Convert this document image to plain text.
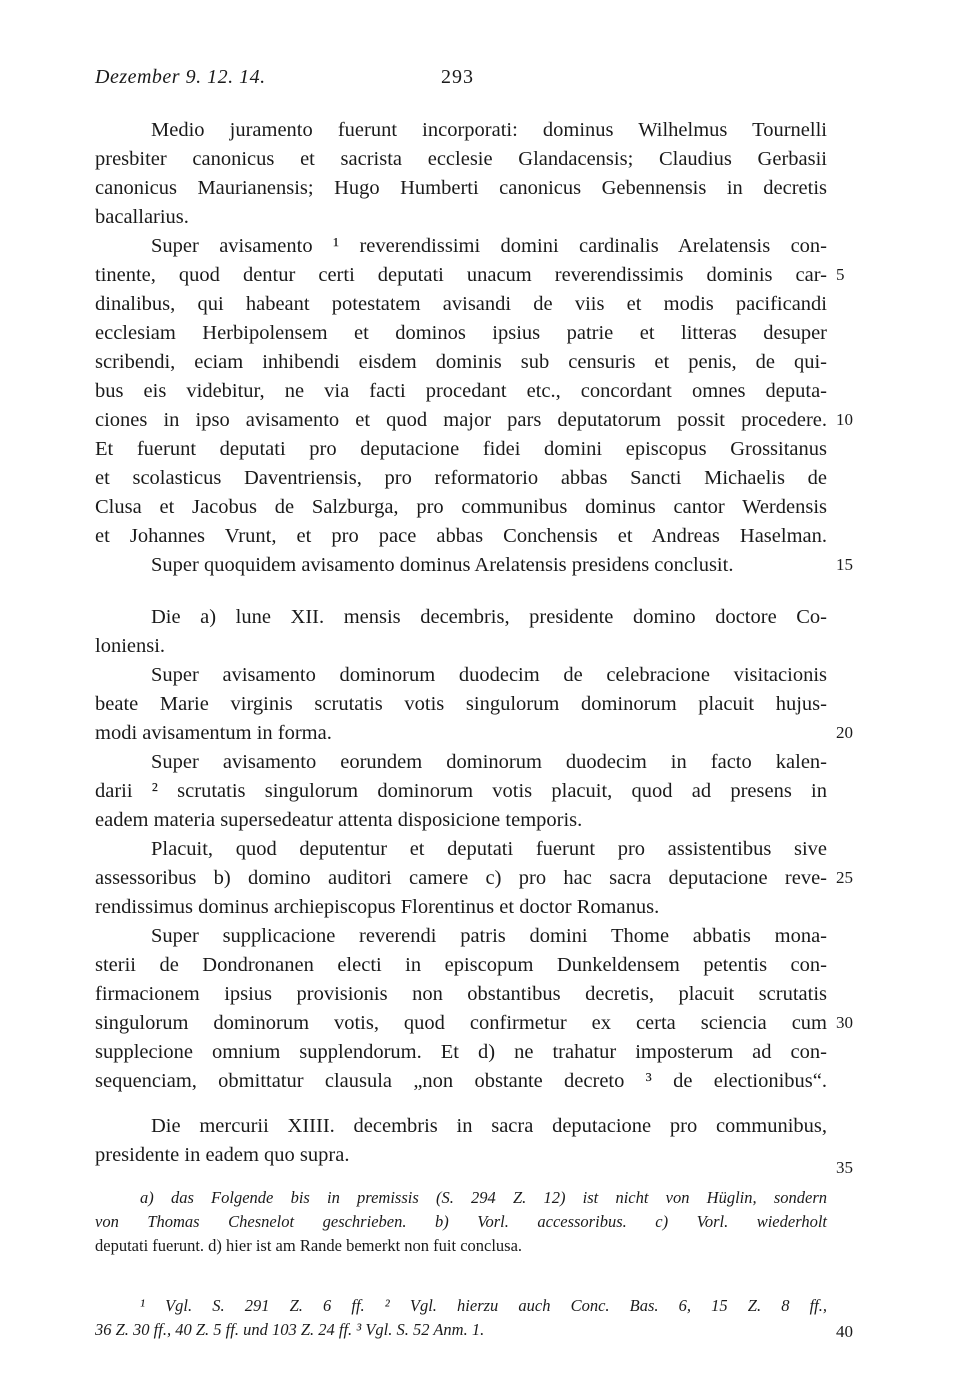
Dezember 9. 12. 14.	293
Medio juramento fuerunt incorporati: dominus Wilhelmus Tournelli
presbiter canonicus et sacrista ecclesie Glandacensis; Claudius Gerbasii
canonicus Maurianensis; Hugo Humberti canonicus Gebennensis in decretis
bacallarius.
Super avisamento ¹ reverendissimi domini cardinalis Arelatensis con-
tinente, quod dentur certi deputati unacum reverendissimis dominis car-
dinalibus, qui habeant potestatem avisandi de viis et modis pacificandi
ecclesiam Herbipolensem et dominos ipsius patrie et litteras desuper
scribendi, eciam inhibendi eisdem dominis sub censuris et penis, de qui-
bus eis videbitur, ne via facti procedant etc., concordant omnes deputa-
ciones in ipso avisamento et quod major pars deputatorum possit procedere.
Et fuerunt deputati pro deputacione fidei domini episcopus Grossitanus
et scolasticus Daventriensis, pro reformatorio abbas Sancti Michaelis de
Clusa et Jacobus de Salzburga, pro communibus dominus cantor Werdensis
et Johannes Vrunt, et pro pace abbas Conchensis et Andreas Haselman.
Super quoquidem avisamento dominus Arelatensis presidens conclusit.
Die a) lune XII. mensis decembris, presidente domino doctore Co-
loniensi.
Super avisamento dominorum duodecim de celebracione visitacionis
beate Marie virginis scrutatis votis singulorum dominorum placuit hujus-
modi avisamentum in forma.
Super avisamento eorundem dominorum duodecim in facto kalen-
darii ² scrutatis singulorum dominorum votis placuit, quod ad presens in
eadem materia supersedeatur attenta disposicione temporis.
Placuit, quod deputentur et deputati fuerunt pro assistentibus sive
assessoribus b) domino auditori camere c) pro hac sacra deputacione reve-
rendissimus dominus archiepiscopus Florentinus et doctor Romanus.
Super supplicacione reverendi patris domini Thome abbatis mona-
sterii de Dondronanen electi in episcopum Dunkeldensem petentis con-
firmacionem ipsius provisionis non obstantibus decretis, placuit scrutatis
singulorum dominorum votis, quod confirmetur ex certa sciencia cum
supplecione omnium supplendorum. Et d) ne trahatur imposterum ad con-
sequenciam, obmittatur clausula „non obstante decreto ³ de electionibus“.
Die mercurii XIIII. decembris in sacra deputacione pro communibus,
presidente in eadem quo supra.
5
10
15
20
25
30
35
40
a) das Folgende bis in premissis (S. 294 Z. 12) ist nicht von Hüglin, sondern
von Thomas Chesnelot geschrieben. b) Vorl. accessoribus. c) Vorl. wiederholt
deputati fuerunt. d) hier ist am Rande bemerkt non fuit conclusa.
¹ Vgl. S. 291 Z. 6 ff. ² Vgl. hierzu auch Conc. Bas. 6, 15 Z. 8 ff.,
36 Z. 30 ff., 40 Z. 5 ff. und 103 Z. 24 ff. ³ Vgl. S. 52 Anm. 1.
